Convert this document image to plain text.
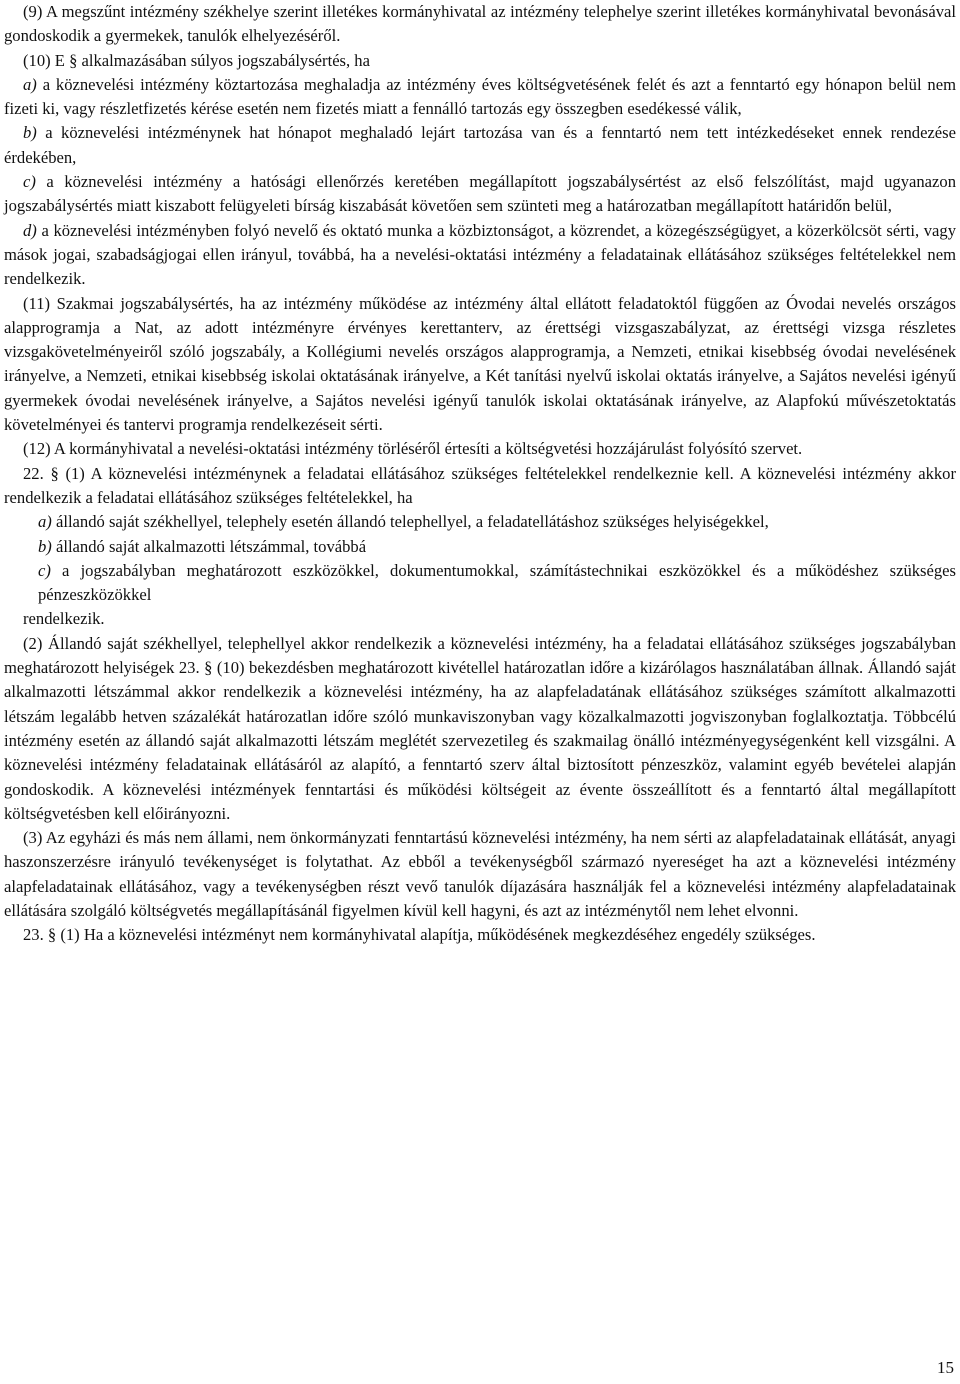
(9) A megszűnt intézmény székhelye szerint illetékes kormányhivatal az intézmény telephelye szerint illetékes kormányhivatal bevonásával gondoskodik a gyermekek, tanulók elhelyezéséről.

(10) E § alkalmazásában súlyos jogszabálysértés, ha

a) a köznevelési intézmény köztartozása meghaladja az intézmény éves költségvetésének felét és azt a fenntartó egy hónapon belül nem fizeti ki, vagy részletfizetés kérése esetén nem fizetés miatt a fennálló tartozás egy összegben esedékessé válik,

b) a köznevelési intézménynek hat hónapot meghaladó lejárt tartozása van és a fenntartó nem tett intézkedéseket ennek rendezése érdekében,

c) a köznevelési intézmény a hatósági ellenőrzés keretében megállapított jogszabálysértést az első felszólítást, majd ugyanazon jogszabálysértés miatt kiszabott felügyeleti bírság kiszabását követően sem szünteti meg a határozatban megállapított határidőn belül,

d) a köznevelési intézményben folyó nevelő és oktató munka a közbiztonságot, a közrendet, a közegészségügyet, a közerkölcsöt sérti, vagy mások jogai, szabadságjogai ellen irányul, továbbá, ha a nevelési-oktatási intézmény a feladatainak ellátásához szükséges feltételekkel nem rendelkezik.

(11) Szakmai jogszabálysértés, ha az intézmény működése az intézmény által ellátott feladatoktól függően az Óvodai nevelés országos alapprogramja a Nat, az adott intézményre érvényes kerettanterv, az érettségi vizsgaszabályzat, az érettségi vizsga részletes vizsgakövetelményeiről szóló jogszabály, a Kollégiumi nevelés országos alapprogramja, a Nemzeti, etnikai kisebbség óvodai nevelésének irányelve, a Nemzeti, etnikai kisebbség iskolai oktatásának irányelve, a Két tanítási nyelvű iskolai oktatás irányelve, a Sajátos nevelési igényű gyermekek óvodai nevelésének irányelve, a Sajátos nevelési igényű tanulók iskolai oktatásának irányelve, az Alapfokú művészetoktatás követelményei és tantervi programja rendelkezéseit sérti.

(12) A kormányhivatal a nevelési-oktatási intézmény törléséről értesíti a költségvetési hozzájárulást folyósító szervet.

22. § (1) A köznevelési intézménynek a feladatai ellátásához szükséges feltételekkel rendelkeznie kell. A köznevelési intézmény akkor rendelkezik a feladatai ellátásához szükséges feltételekkel, ha

a) állandó saját székhellyel, telephely esetén állandó telephellyel, a feladatellátáshoz szükséges helyiségekkel,

b) állandó saját alkalmazotti létszámmal, továbbá

c) a jogszabályban meghatározott eszközökkel, dokumentumokkal, számítástechnikai eszközökkel és a működéshez szükséges pénzeszközökkel

rendelkezik.

(2) Állandó saját székhellyel, telephellyel akkor rendelkezik a köznevelési intézmény, ha a feladatai ellátásához szükséges jogszabályban meghatározott helyiségek 23. § (10) bekezdésben meghatározott kivétellel határozatlan időre a kizárólagos használatában állnak. Állandó saját alkalmazotti létszámmal akkor rendelkezik a köznevelési intézmény, ha az alapfeladatának ellátásához szükséges számított alkalmazotti létszám legalább hetven százalékát határozatlan időre szóló munkaviszonyban vagy közalkalmazotti jogviszonyban foglalkoztatja. Többcélú intézmény esetén az állandó saját alkalmazotti létszám meglétét szervezetileg és szakmailag önálló intézményegységenként kell vizsgálni. A köznevelési intézmény feladatainak ellátásáról az alapító, a fenntartó szerv által biztosított pénzeszköz, valamint egyéb bevételei alapján gondoskodik. A köznevelési intézmények fenntartási és működési költségeit az évente összeállított és a fenntartó által megállapított költségvetésben kell előirányozni.

(3) Az egyházi és más nem állami, nem önkormányzati fenntartású köznevelési intézmény, ha nem sérti az alapfeladatainak ellátását, anyagi haszonszerzésre irányuló tevékenységet is folytathat. Az ebből a tevékenységből származó nyereséget ha azt a köznevelési intézmény alapfeladatainak ellátásához, vagy a tevékenységben részt vevő tanulók díjazására használják fel a köznevelési intézmény alapfeladatainak ellátására szolgáló költségvetés megállapításánál figyelmen kívül kell hagyni, és azt az intézménytől nem lehet elvonni.

23. § (1) Ha a köznevelési intézményt nem kormányhivatal alapítja, működésének megkezdéséhez engedély szükséges.

15
